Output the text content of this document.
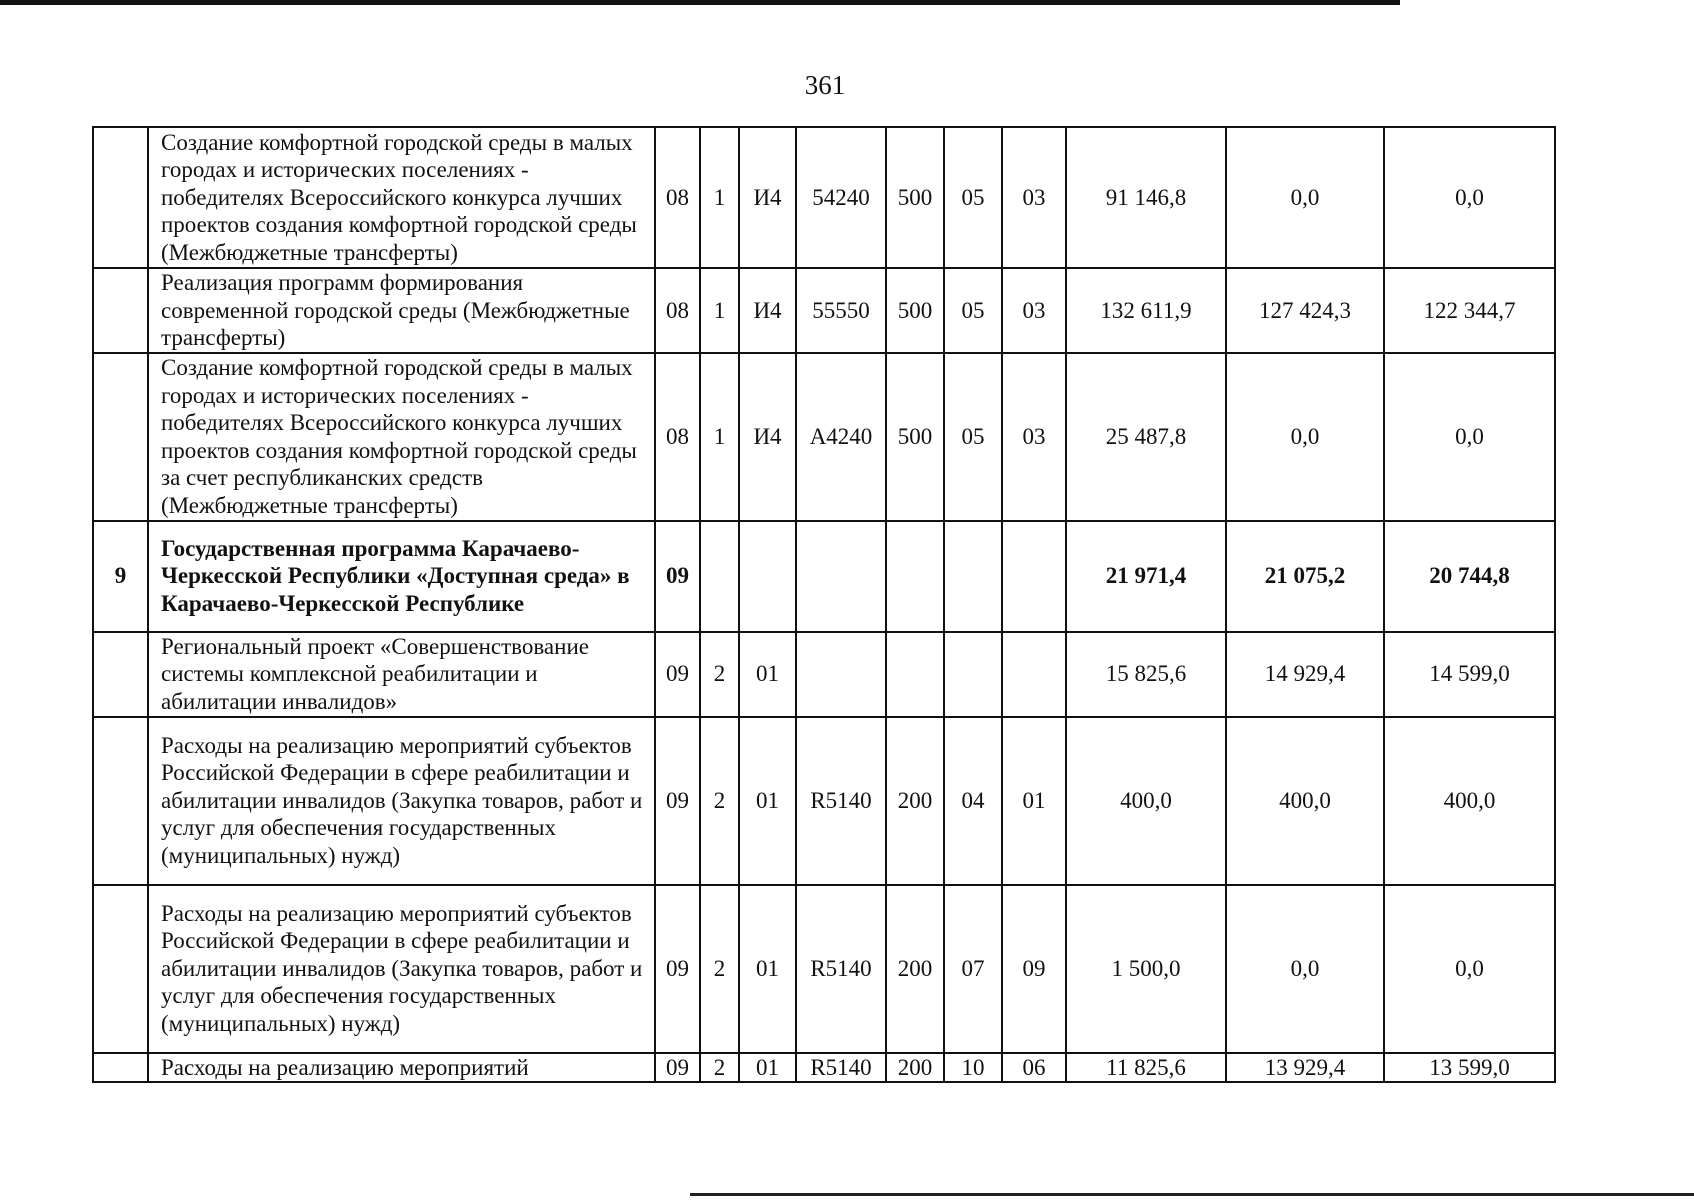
361
	Создание комфортной городской среды в малых городах и исторических поселениях - победителях Всероссийского конкурса лучших проектов создания комфортной городской среды (Межбюджетные трансферты)	08	1	И4	54240	500	05	03	91 146,8	0,0	0,0
	Реализация программ формирования современной городской среды (Межбюджетные трансферты)	08	1	И4	55550	500	05	03	132 611,9	127 424,3	122 344,7
	Создание комфортной городской среды в малых городах и исторических поселениях - победителях Всероссийского конкурса лучших проектов создания комфортной городской среды за счет республиканских средств (Межбюджетные трансферты)	08	1	И4	А4240	500	05	03	25 487,8	0,0	0,0
9	Государственная программа Карачаево-Черкесской Республики «Доступная среда» в Карачаево-Черкесской Республике	09							21 971,4	21 075,2	20 744,8
	Региональный проект «Совершенствование системы комплексной реабилитации и абилитации инвалидов»	09	2	01					15 825,6	14 929,4	14 599,0
	Расходы на реализацию мероприятий субъектов Российской Федерации в сфере реабилитации и абилитации инвалидов (Закупка товаров, работ и услуг для обеспечения государственных (муниципальных) нужд)	09	2	01	R5140	200	04	01	400,0	400,0	400,0
	Расходы на реализацию мероприятий субъектов Российской Федерации в сфере реабилитации и абилитации инвалидов (Закупка товаров, работ и услуг для обеспечения государственных (муниципальных) нужд)	09	2	01	R5140	200	07	09	1 500,0	0,0	0,0
	Расходы на реализацию мероприятий	09	2	01	R5140	200	10	06	11 825,6	13 929,4	13 599,0
